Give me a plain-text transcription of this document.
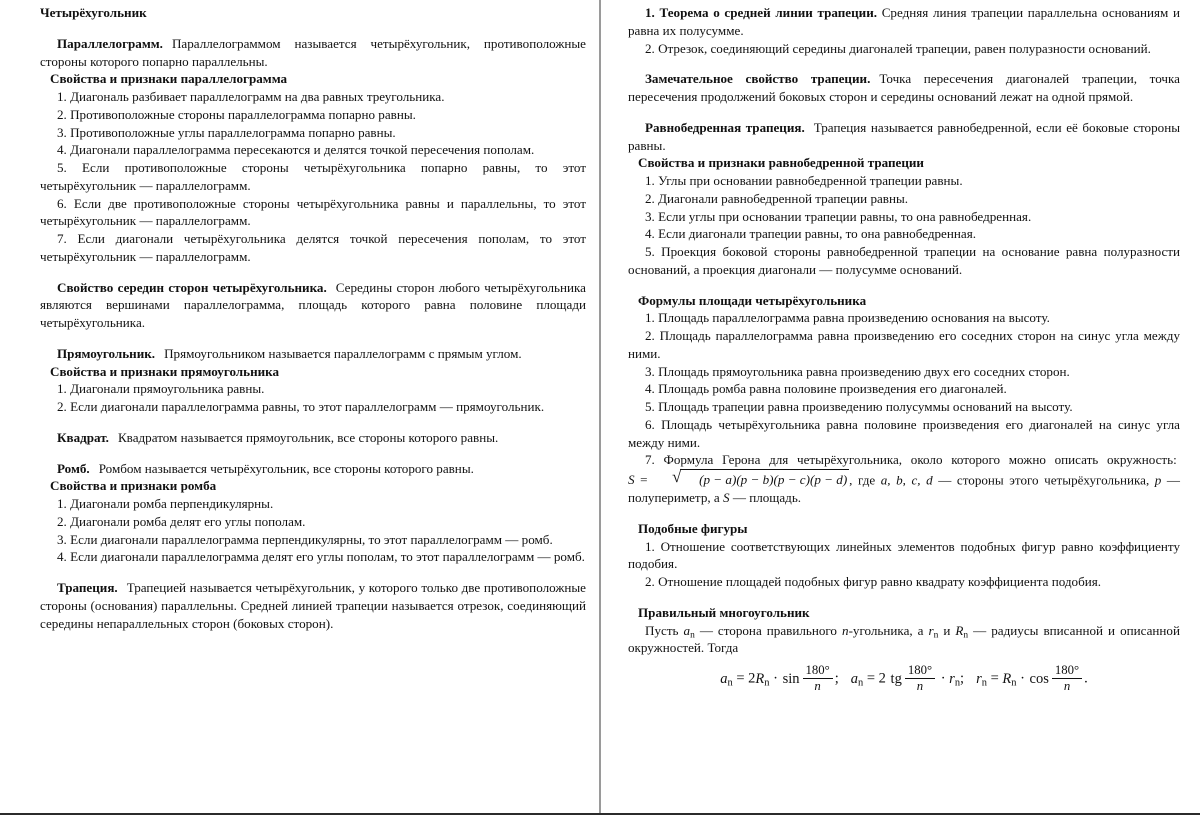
Четырёхугольник

Параллелограмм. Параллелограммом называется четырёхугольник, противоположные стороны которого попарно параллельны.

Свойства и признаки параллелограмма

1. Диагональ разбивает параллелограмм на два равных треугольника.

2. Противоположные стороны параллелограмма попарно равны.

3. Противоположные углы параллелограмма попарно равны.

4. Диагонали параллелограмма пересекаются и делятся точкой пересечения пополам.

5. Если противоположные стороны четырёхугольника попарно равны, то этот четырёхугольник — параллелограмм.

6. Если две противоположные стороны четырёхугольника равны и параллельны, то этот четырёхугольник — параллелограмм.

7. Если диагонали четырёхугольника делятся точкой пересечения пополам, то этот четырёхугольник — параллелограмм.

Свойство середин сторон четырёхугольника. Середины сторон любого четырёхугольника являются вершинами параллелограмма, площадь которого равна половине площади четырёхугольника.

Прямоугольник. Прямоугольником называется параллелограмм с прямым углом.

Свойства и признаки прямоугольника

1. Диагонали прямоугольника равны.

2. Если диагонали параллелограмма равны, то этот параллелограмм — прямоугольник.

Квадрат. Квадратом называется прямоугольник, все стороны которого равны.

Ромб. Ромбом называется четырёхугольник, все стороны которого равны.

Свойства и признаки ромба

1. Диагонали ромба перпендикулярны.

2. Диагонали ромба делят его углы пополам.

3. Если диагонали параллелограмма перпендикулярны, то этот параллелограмм — ромб.

4. Если диагонали параллелограмма делят его углы пополам, то этот параллелограмм — ромб.

Трапеция. Трапецией называется четырёхугольник, у которого только две противоположные стороны (основания) параллельны. Средней линией трапеции называется отрезок, соединяющий середины непараллельных сторон (боковых сторон).

1. Теорема о средней линии трапеции. Средняя линия трапеции параллельна основаниям и равна их полусумме.

2. Отрезок, соединяющий середины диагоналей трапеции, равен полуразности оснований.

Замечательное свойство трапеции. Точка пересечения диагоналей трапеции, точка пересечения продолжений боковых сторон и середины оснований лежат на одной прямой.

Равнобедренная трапеция. Трапеция называется равнобедренной, если её боковые стороны равны.

Свойства и признаки равнобедренной трапеции

1. Углы при основании равнобедренной трапеции равны.

2. Диагонали равнобедренной трапеции равны.

3. Если углы при основании трапеции равны, то она равнобедренная.

4. Если диагонали трапеции равны, то она равнобедренная.

5. Проекция боковой стороны равнобедренной трапеции на основание равна полуразности оснований, а проекция диагонали — полусумме оснований.

Формулы площади четырёхугольника

1. Площадь параллелограмма равна произведению основания на высоту.

2. Площадь параллелограмма равна произведению его соседних сторон на синус угла между ними.

3. Площадь прямоугольника равна произведению двух его соседних сторон.

4. Площадь ромба равна половине произведения его диагоналей.

5. Площадь трапеции равна произведению полусуммы оснований на высоту.

6. Площадь четырёхугольника равна половине произведения его диагоналей на синус угла между ними.

7. Формула Герона для четырёхугольника, около которого можно описать окружность:  S =	√ (p − a)(p − b)(p − c)(p − d) , где a, b, c, d — стороны этого четырёхугольника, p — полупериметр, а S — площадь.

Подобные фигуры

1. Отношение соответствующих линейных элементов подобных фигур равно коэффициенту подобия.

2. Отношение площадей подобных фигур равно квадрату коэффициента подобия.

Правильный многоугольник

Пусть $a_n$ — сторона правильного n-угольника, а $r_n$ и $R_n$ — радиусы вписанной и описанной окружностей. Тогда

$a_n = 2R_n \cdot \sin \frac{180^\circ}{n}$ ; $a_n = 2$ tg $\frac{180^\circ}{n} \cdot r_n$; $r_n = R_n \cdot \cos \frac{180^\circ}{n}$ .
